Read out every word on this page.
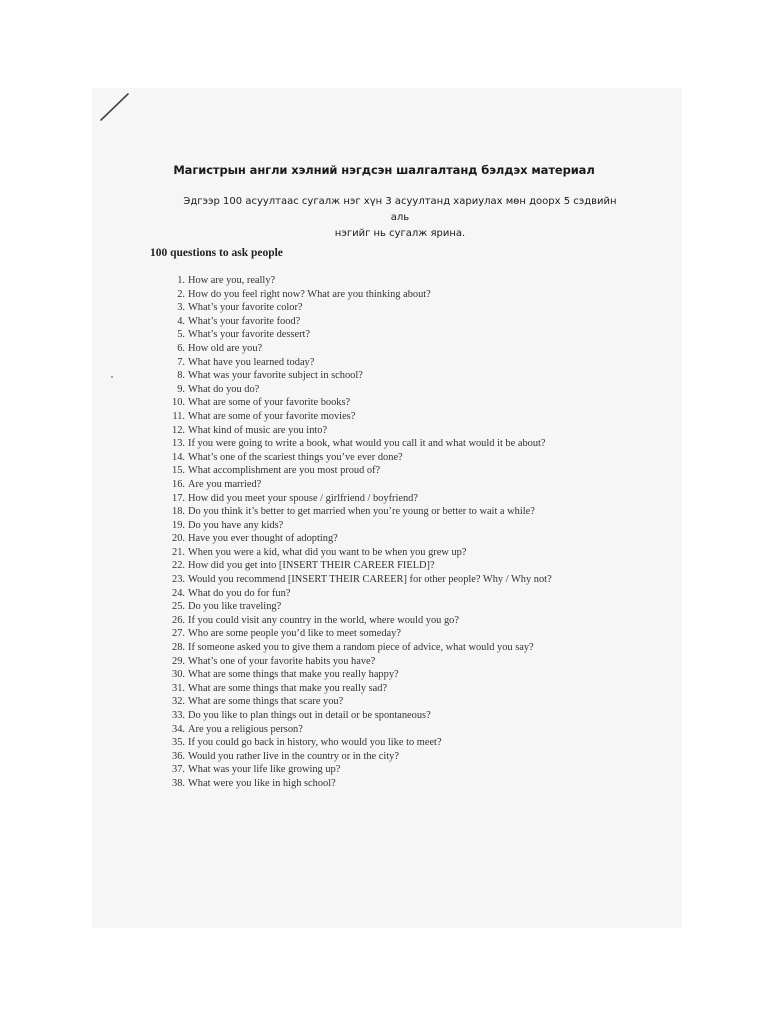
Магистрын англи хэлний нэгдсэн шалгалтанд бэлдэх материал
Эдгээр 100 асуултаас сугалж нэг хүн 3 асуултанд хариулах мөн доорх 5 сэдвийн аль
нэгийг нь сугалж ярина.
100 questions to ask people
1. How are you, really?
2. How do you feel right now? What are you thinking about?
3. What’s your favorite color?
4. What’s your favorite food?
5. What’s your favorite dessert?
6. How old are you?
7. What have you learned today?
8. What was your favorite subject in school?
9. What do you do?
10. What are some of your favorite books?
11. What are some of your favorite movies?
12. What kind of music are you into?
13. If you were going to write a book, what would you call it and what would it be about?
14. What’s one of the scariest things you’ve ever done?
15. What accomplishment are you most proud of?
16. Are you married?
17. How did you meet your spouse / girlfriend / boyfriend?
18. Do you think it’s better to get married when you’re young or better to wait a while?
19. Do you have any kids?
20. Have you ever thought of adopting?
21. When you were a kid, what did you want to be when you grew up?
22. How did you get into [INSERT THEIR CAREER FIELD]?
23. Would you recommend [INSERT THEIR CAREER] for other people? Why / Why not?
24. What do you do for fun?
25. Do you like traveling?
26. If you could visit any country in the world, where would you go?
27. Who are some people you’d like to meet someday?
28. If someone asked you to give them a random piece of advice, what would you say?
29. What’s one of your favorite habits you have?
30. What are some things that make you really happy?
31. What are some things that make you really sad?
32. What are some things that scare you?
33. Do you like to plan things out in detail or be spontaneous?
34. Are you a religious person?
35. If you could go back in history, who would you like to meet?
36. Would you rather live in the country or in the city?
37. What was your life like growing up?
38. What were you like in high school?
